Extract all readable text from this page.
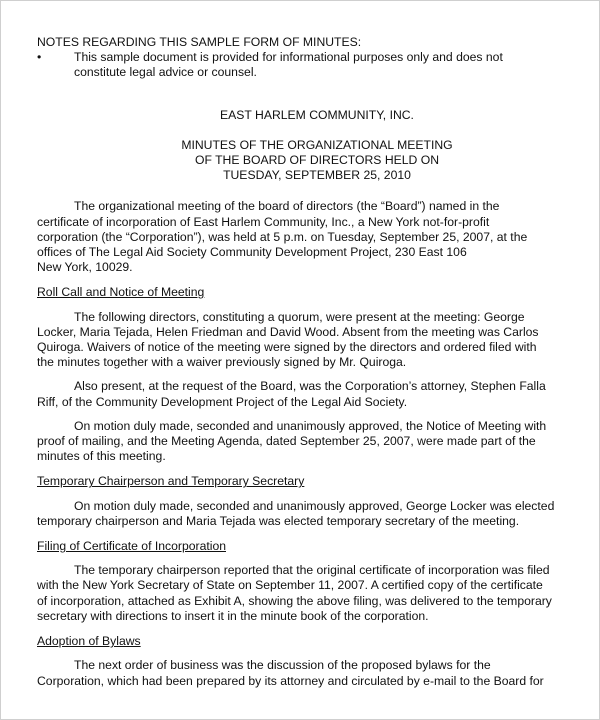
NOTES REGARDING THIS SAMPLE FORM OF MINUTES:

•	This sample document is provided for informational purposes only and does not
constitute legal advice or counsel.

EAST HARLEM COMMUNITY, INC.

MINUTES OF THE ORGANIZATIONAL MEETING
OF THE BOARD OF DIRECTORS HELD ON
TUESDAY, SEPTEMBER 25, 2010
The organizational meeting of the board of directors (the “Board”) named in the
certificate of incorporation of East Harlem Community, Inc., a New York not-for-profit
corporation (the “Corporation”), was held at 5 p.m. on Tuesday, September 25, 2007, at the
offices of The Legal Aid Society Community Development Project, 230 East 106
New York, 10029.

Roll Call and Notice of Meeting

The following directors, constituting a quorum, were present at the meeting: George
Locker, Maria Tejada, Helen Friedman and David Wood. Absent from the meeting was Carlos
Quiroga. Waivers of notice of the meeting were signed by the directors and ordered filed with
the minutes together with a waiver previously signed by Mr. Quiroga.
Also present, at the request of the Board, was the Corporation’s attorney, Stephen Falla
Riff, of the Community Development Project of the Legal Aid Society.
On motion duly made, seconded and unanimously approved, the Notice of Meeting with
proof of mailing, and the Meeting Agenda, dated September 25, 2007, were made part of the
minutes of this meeting.

Temporary Chairperson and Temporary Secretary

On motion duly made, seconded and unanimously approved, George Locker was elected
temporary chairperson and Maria Tejada was elected temporary secretary of the meeting.

Filing of Certificate of Incorporation

The temporary chairperson reported that the original certificate of incorporation was filed
with the New York Secretary of State on September 11, 2007. A certified copy of the certificate
of incorporation, attached as Exhibit A, showing the above filing, was delivered to the temporary
secretary with directions to insert it in the minute book of the corporation.

Adoption of Bylaws

The next order of business was the discussion of the proposed bylaws for the
Corporation, which had been prepared by its attorney and circulated by e-mail to the Board for
